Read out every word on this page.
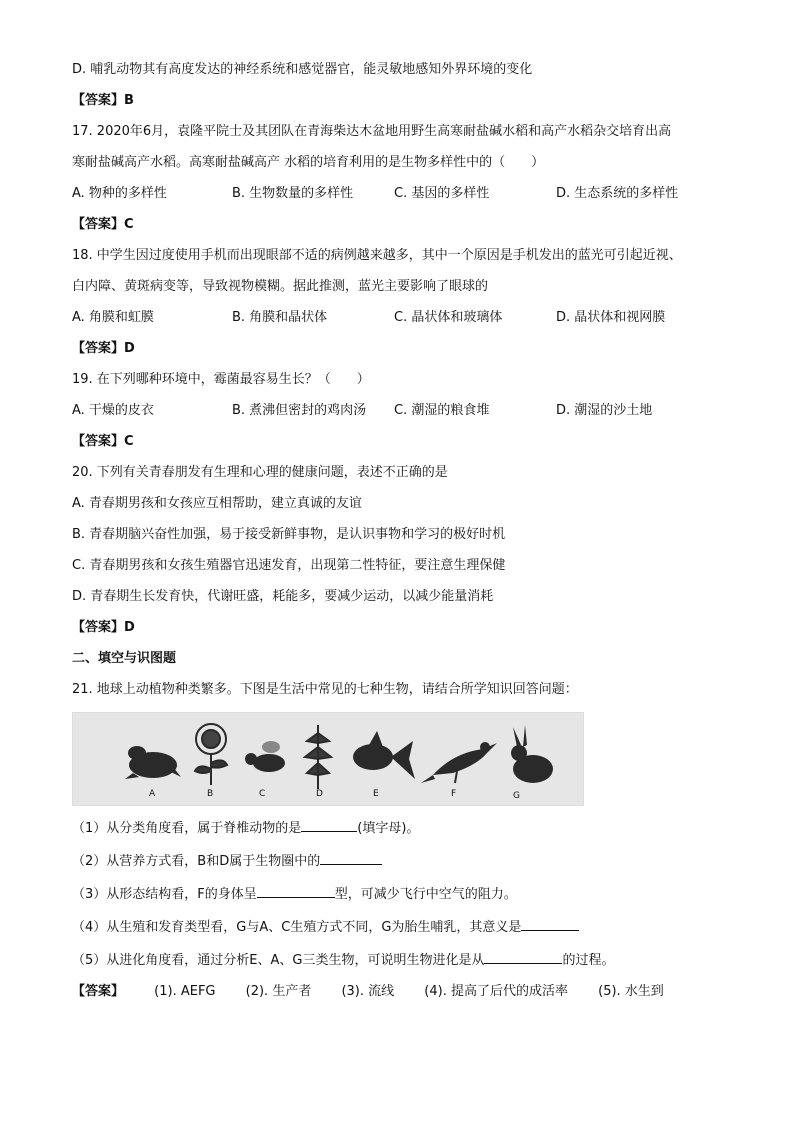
D. 哺乳动物其有高度发达的神经系统和感觉器官，能灵敏地感知外界环境的变化

【答案】B

17. 2020年6月，袁隆平院士及其团队在青海柴达木盆地用野生高寒耐盐碱水稻和高产水稻杂交培育出高

寒耐盐碱高产水稻。高寒耐盐碱高产 水稻的培育利用的是生物多样性中的（　　）

A. 物种的多样性	B. 生物数量的多样性	C. 基因的多样性	D. 生态系统的多样性

【答案】C

18. 中学生因过度使用手机而出现眼部不适的病例越来越多，其中一个原因是手机发出的蓝光可引起近视、

白内障、黄斑病变等，导致视物模糊。据此推测，蓝光主要影响了眼球的

A. 角膜和虹膜	B. 角膜和晶状体	C. 晶状体和玻璃体	D. 晶状体和视网膜

【答案】D

19. 在下列哪种环境中，霉菌最容易生长？（　　）

A. 干燥的皮衣	B. 煮沸但密封的鸡肉汤	C. 潮湿的粮食堆	D. 潮湿的沙土地

【答案】C

20. 下列有关青春朋发有生理和心理的健康问题，表述不正确的是

A. 青春期男孩和女孩应互相帮助，建立真诚的友谊

B. 青春期脑兴奋性加强，易于接受新鲜事物，是认识事物和学习的极好时机

C. 青春期男孩和女孩生殖器官迅速发育，出现第二性特征，要注意生理保健

D. 青春期生长发育快，代谢旺盛，耗能多，要减少运动，以减少能量消耗

【答案】D

二、填空与识图题

21. 地球上动植物种类繁多。下图是生活中常见的七种生物，请结合所学知识回答问题：

A	B	C	D	E	F	G

（1）从分类角度看，属于脊椎动物的是	(填字母)。

（2）从营养方式看，B和D属于生物圈中的

（3）从形态结构看，F的身体呈	型，可减少飞行中空气的阻力。

（4）从生殖和发育类型看，G与A、C生殖方式不同，G为胎生哺乳，其意义是

（5）从进化角度看，通过分析E、A、G三类生物，可说明生物进化是从	的过程。

【答案】 (1). AEFG (2). 生产者 (3). 流线 (4). 提高了后代的成活率 (5). 水生到
